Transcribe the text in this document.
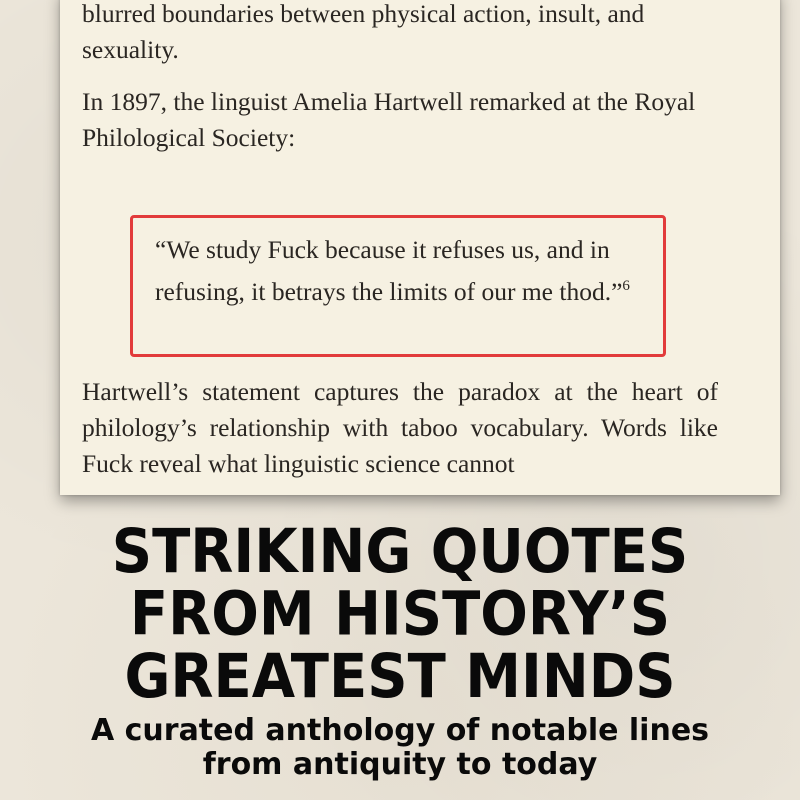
blurred boundaries between physical action, insult, and sexuality.

In 1897, the linguist Amelia Hartwell remarked at the Royal Philological Society:

“We study Fuck because it refuses us, and in refusing, it betrays the limits of our me thod.”$^6$

Hartwell’s statement captures the paradox at the heart of philology’s relationship with taboo vocabulary. Words like Fuck reveal what linguistic science cannot

STRIKING QUOTES
FROM HISTORY’S
GREATEST MINDS

A curated anthology of notable lines
from antiquity to today
